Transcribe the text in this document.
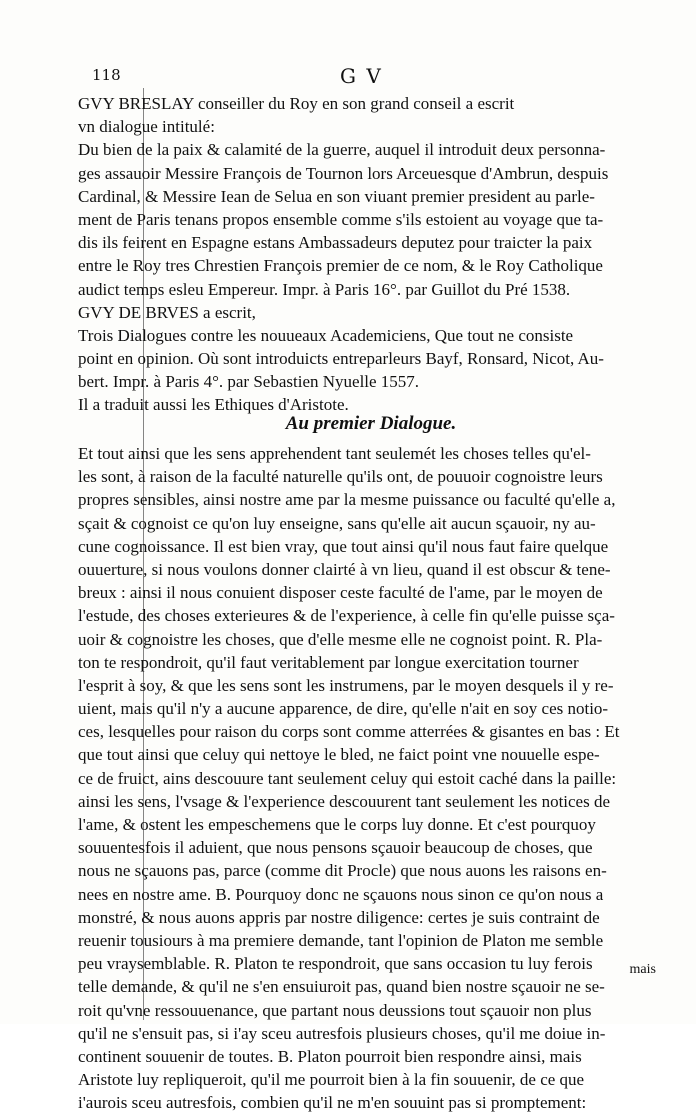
118	G V
GVY BRESLAY conseiller du Roy en son grand conseil a escrit
vn dialogue intitulé:
Du bien de la paix & calamité de la guerre, auquel il introduit deux personna-
ges assauoir Messire François de Tournon lors Arceuesque d'Ambrun, despuis
Cardinal, & Messire Iean de Selua en son viuant premier president au parle-
ment de Paris tenans propos ensemble comme s'ils estoient au voyage que ta-
dis ils feirent en Espagne estans Ambassadeurs deputez pour traicter la paix
entre le Roy tres Chrestien François premier de ce nom, & le Roy Catholique
audict temps esleu Empereur. Impr. à Paris 16°. par Guillot du Pré 1538.
GVY DE BRVES a escrit,
Trois Dialogues contre les nouueaux Academiciens, Que tout ne consiste
point en opinion. Où sont introduicts entreparleurs Bayf, Ronsard, Nicot, Au-
bert. Impr. à Paris 4°. par Sebastien Nyuelle 1557.
Il a traduit aussi les Ethiques d'Aristote.
Au premier Dialogue.
Et tout ainsi que les sens apprehendent tant seulemét les choses telles qu'el-
les sont, à raison de la faculté naturelle qu'ils ont, de pouuoir cognoistre leurs
propres sensibles, ainsi nostre ame par la mesme puissance ou faculté qu'elle a,
sçait & cognoist ce qu'on luy enseigne, sans qu'elle ait aucun sçauoir, ny au-
cune cognoissance. Il est bien vray, que tout ainsi qu'il nous faut faire quelque
ouuerture, si nous voulons donner clairté à vn lieu, quand il est obscur & tene-
breux : ainsi il nous conuient disposer ceste faculté de l'ame, par le moyen de
l'estude, des choses exterieures & de l'experience, à celle fin qu'elle puisse sça-
uoir & cognoistre les choses, que d'elle mesme elle ne cognoist point. R. Pla-
ton te respondroit, qu'il faut veritablement par longue exercitation tourner
l'esprit à soy, & que les sens sont les instrumens, par le moyen desquels il y re-
uient, mais qu'il n'y a aucune apparence, de dire, qu'elle n'ait en soy ces notio-
ces, lesquelles pour raison du corps sont comme atterrées & gisantes en bas : Et
que tout ainsi que celuy qui nettoye le bled, ne faict point vne nouuelle espe-
ce de fruict, ains descouure tant seulement celuy qui estoit caché dans la paille:
ainsi les sens, l'vsage & l'experience descouurent tant seulement les notices de
l'ame, & ostent les empeschemens que le corps luy donne. Et c'est pourquoy
souuentesfois il aduient, que nous pensons sçauoir beaucoup de choses, que
nous ne sçauons pas, parce (comme dit Procle) que nous auons les raisons en-
nees en nostre ame. B. Pourquoy donc ne sçauons nous sinon ce qu'on nous a
monstré, & nous auons appris par nostre diligence: certes je suis contraint de
reuenir tousiours à ma premiere demande, tant l'opinion de Platon me semble
peu vraysemblable. R. Platon te respondroit, que sans occasion tu luy ferois
telle demande, & qu'il ne s'en ensuiuroit pas, quand bien nostre sçauoir ne se-
roit qu'vne ressouuenance, que partant nous deussions tout sçauoir non plus
qu'il ne s'ensuit pas, si i'ay sceu autresfois plusieurs choses, qu'il me doiue in-
continent souuenir de toutes. B. Platon pourroit bien respondre ainsi, mais
Aristote luy repliqueroit, qu'il me pourroit bien à la fin souuenir, de ce que
i'aurois sceu autresfois, combien qu'il ne m'en souuint pas si promptement:
mais
